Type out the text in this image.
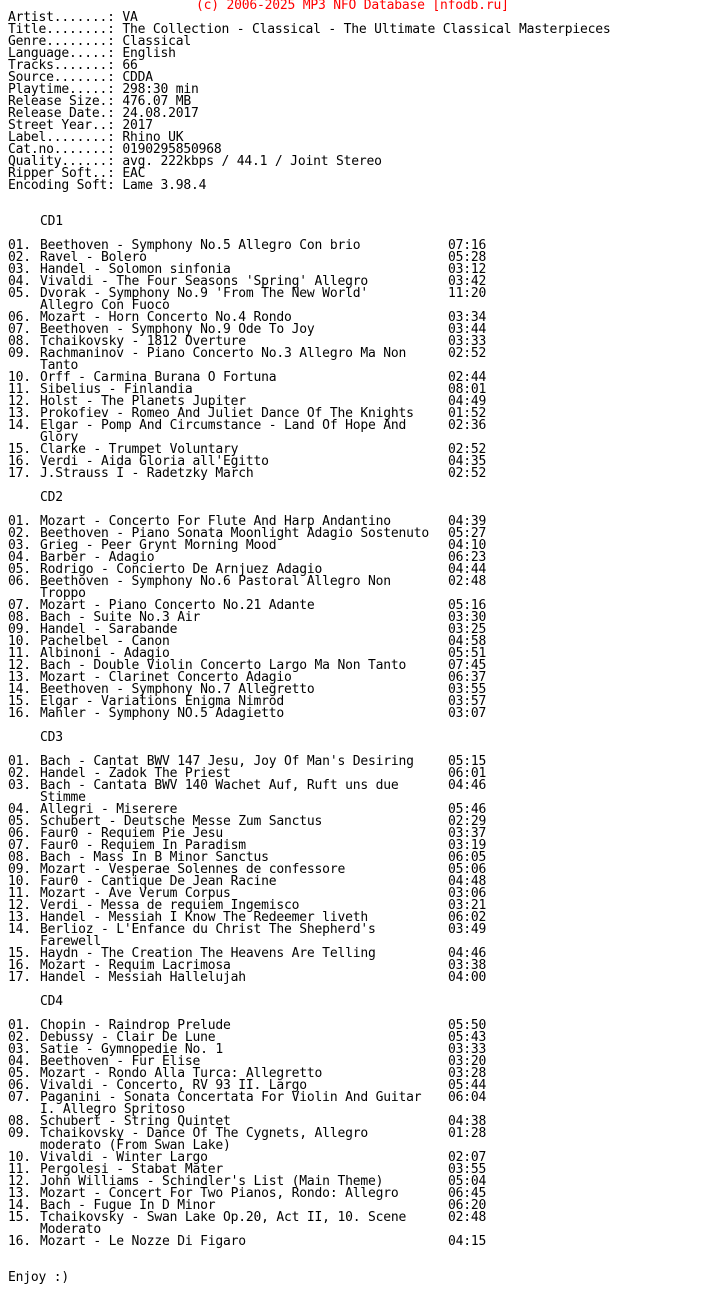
(c) 2006-2025 MP3 NFO Database [nfodb.ru]
Artist.......: VA
Title........: The Collection - Classical - The Ultimate Classical Masterpieces
Genre........: Classical
Language.....: English
Tracks.......: 66
Source.......: CDDA
Playtime.....: 298:30 min
Release Size.: 476.07 MB
Release Date.: 24.08.2017
Street Year..: 2017
Label........: Rhino UK
Cat.no.......: 0190295850968
Quality......: avg. 222kbps / 44.1 / Joint Stereo
Ripper Soft..: EAC
Encoding Soft: Lame 3.98.4
CD1
01. Beethoven - Symphony No.5 Allegro Con brio	07:16
02. Ravel - Bolero	05:28
03. Handel - Solomon sinfonia	03:12
04. Vivaldi - The Four Seasons 'Spring' Allegro	03:42
05. Dvorak - Symphony No.9 'From The New World'	11:20
Allegro Con Fuoco
06. Mozart - Horn Concerto No.4 Rondo	03:34
07. Beethoven - Symphony No.9 Ode To Joy	03:44
08. Tchaikovsky - 1812 Overture	03:33
09. Rachmaninov - Piano Concerto No.3 Allegro Ma Non	02:52
Tanto
10. Orff - Carmina Burana O Fortuna	02:44
11. Sibelius - Finlandia	08:01
12. Holst - The Planets Jupiter	04:49
13. Prokofiev - Romeo And Juliet Dance Of The Knights	01:52
14. Elgar - Pomp And Circumstance - Land Of Hope And	02:36
Glory
15. Clarke - Trumpet Voluntary	02:52
16. Verdi - Aida Gloria all'Egitto	04:35
17. J.Strauss I - Radetzky March	02:52
CD2
01. Mozart - Concerto For Flute And Harp Andantino	04:39
02. Beethoven - Piano Sonata Moonlight Adagio Sostenuto 05:27
03. Grieg - Peer Grynt Morning Mood	04:10
04. Barber - Adagio	06:23
05. Rodrigo - Concierto De Arnjuez Adagio	04:44
06. Beethoven - Symphony No.6 Pastoral Allegro Non	02:48
Troppo
07. Mozart - Piano Concerto No.21 Adante	05:16
08. Bach - Suite No.3 Air	03:30
09. Handel - Sarabande	03:25
10. Pachelbel - Canon	04:58
11. Albinoni - Adagio	05:51
12. Bach - Double Violin Concerto Largo Ma Non Tanto	07:45
13. Mozart - Clarinet Concerto Adagio	06:37
14. Beethoven - Symphony No.7 Allegretto	03:55
15. Elgar - Variations Enigma Nimrod	03:57
16. Mahler - Symphony NO.5 Adagietto	03:07
CD3
01. Bach - Cantat BWV 147 Jesu, Joy Of Man's Desiring	05:15
02. Handel - Zadok The Priest	06:01
03. Bach - Cantata BWV 140 Wachet Auf, Ruft uns due	04:46
Stimme
04. Allegri - Miserere	05:46
05. Schubert - Deutsche Messe Zum Sanctus	02:29
06. Faur0 - Requiem Pie Jesu	03:37
07. Faur0 - Requiem In Paradism	03:19
08. Bach - Mass In B Minor Sanctus	06:05
09. Mozart - Vesperae Solennes de confessore	05:06
10. Faur0 - Cantique De Jean Racine	04:48
11. Mozart - Ave Verum Corpus	03:06
12. Verdi - Messa de requiem Ingemisco	03:21
13. Handel - Messiah I Know The Redeemer liveth	06:02
14. Berlioz - L'Enfance du Christ The Shepherd's	03:49
Farewell
15. Haydn - The Creation The Heavens Are Telling	04:46
16. Mozart - Requim Lacrimosa	03:38
17. Handel - Messiah Hallelujah	04:00
CD4
01. Chopin - Raindrop Prelude	05:50
02. Debussy - Clair De Lune	05:43
03. Satie - Gymnopedie No. 1	03:33
04. Beethoven - Fur Elise	03:20
05. Mozart - Rondo Alla Turca: Allegretto	03:28
06. Vivaldi - Concerto, RV 93 II. Largo	05:44
07. Paganini - Sonata Concertata For Violin And Guitar 06:04
I. Allegro Spritoso
08. Schubert - String Quintet	04:38
09. Tchaikovsky - Dance Of The Cygnets, Allegro	01:28
moderato (From Swan Lake)
10. Vivaldi - Winter Largo	02:07
11. Pergolesi - Stabat Mater	03:55
12. John Williams - Schindler's List (Main Theme)	05:04
13. Mozart - Concert For Two Pianos, Rondo: Allegro	06:45
14. Bach - Fugue In D Minor	06:20
15. Tchaikovsky - Swan Lake Op.20, Act II, 10. Scene	02:48
Moderato
16. Mozart - Le Nozze Di Figaro	04:15
Enjoy :)
